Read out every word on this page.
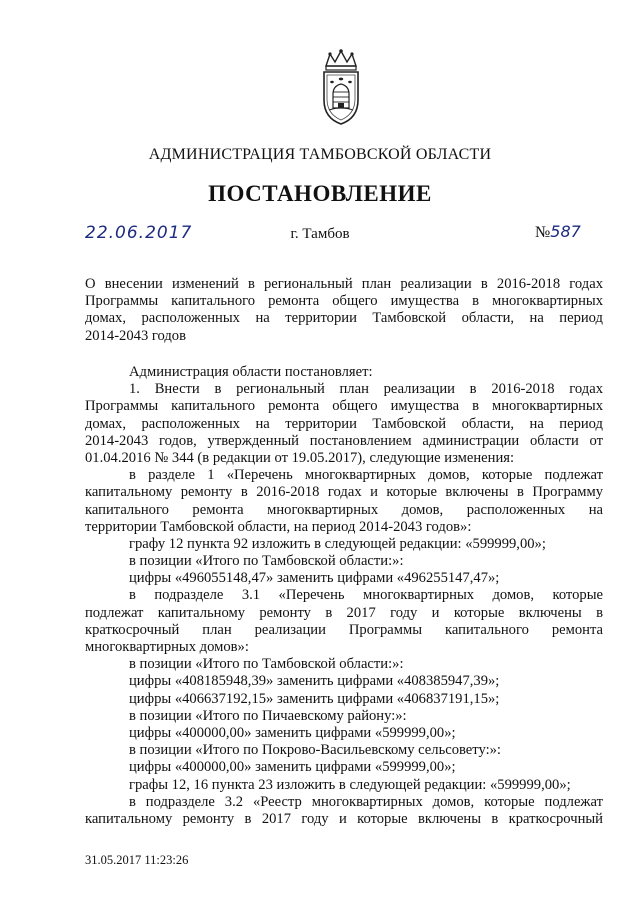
АДМИНИСТРАЦИЯ ТАМБОВСКОЙ ОБЛАСТИ
ПОСТАНОВЛЕНИЕ
22.06.2017	г. Тамбов	№587
О внесении изменений в региональный план реализации в 2016-2018 годах
Программы капитального ремонта общего имущества в многоквартирных
домах, расположенных на территории Тамбовской области, на период
2014-2043 годов
Администрация области постановляет:
1. Внести в региональный план реализации в 2016-2018 годах
Программы капитального ремонта общего имущества в многоквартирных
домах, расположенных на территории Тамбовской области, на период
2014-2043 годов, утвержденный постановлением администрации области от
01.04.2016 № 344 (в редакции от 19.05.2017), следующие изменения:
в разделе 1 «Перечень многоквартирных домов, которые подлежат
капитальному ремонту в 2016-2018 годах и которые включены в Программу
капитального ремонта многоквартирных домов, расположенных на
территории Тамбовской области, на период 2014-2043 годов»:
графу 12 пункта 92 изложить в следующей редакции: «599999,00»;
в позиции «Итого по Тамбовской области:»:
цифры «496055148,47» заменить цифрами «496255147,47»;
в подразделе 3.1 «Перечень многоквартирных домов, которые
подлежат капитальному ремонту в 2017 году и которые включены в
краткосрочный план реализации Программы капитального ремонта
многоквартирных домов»:
в позиции «Итого по Тамбовской области:»:
цифры «408185948,39» заменить цифрами «408385947,39»;
цифры «406637192,15» заменить цифрами «406837191,15»;
в позиции «Итого по Пичаевскому району:»:
цифры «400000,00» заменить цифрами «599999,00»;
в позиции «Итого по Покрово-Васильевскому сельсовету:»:
цифры «400000,00» заменить цифрами «599999,00»;
графы 12, 16 пункта 23 изложить в следующей редакции: «599999,00»;
в подразделе 3.2 «Реестр многоквартирных домов, которые подлежат
капитальному ремонту в 2017 году и которые включены в краткосрочный
31.05.2017 11:23:26
